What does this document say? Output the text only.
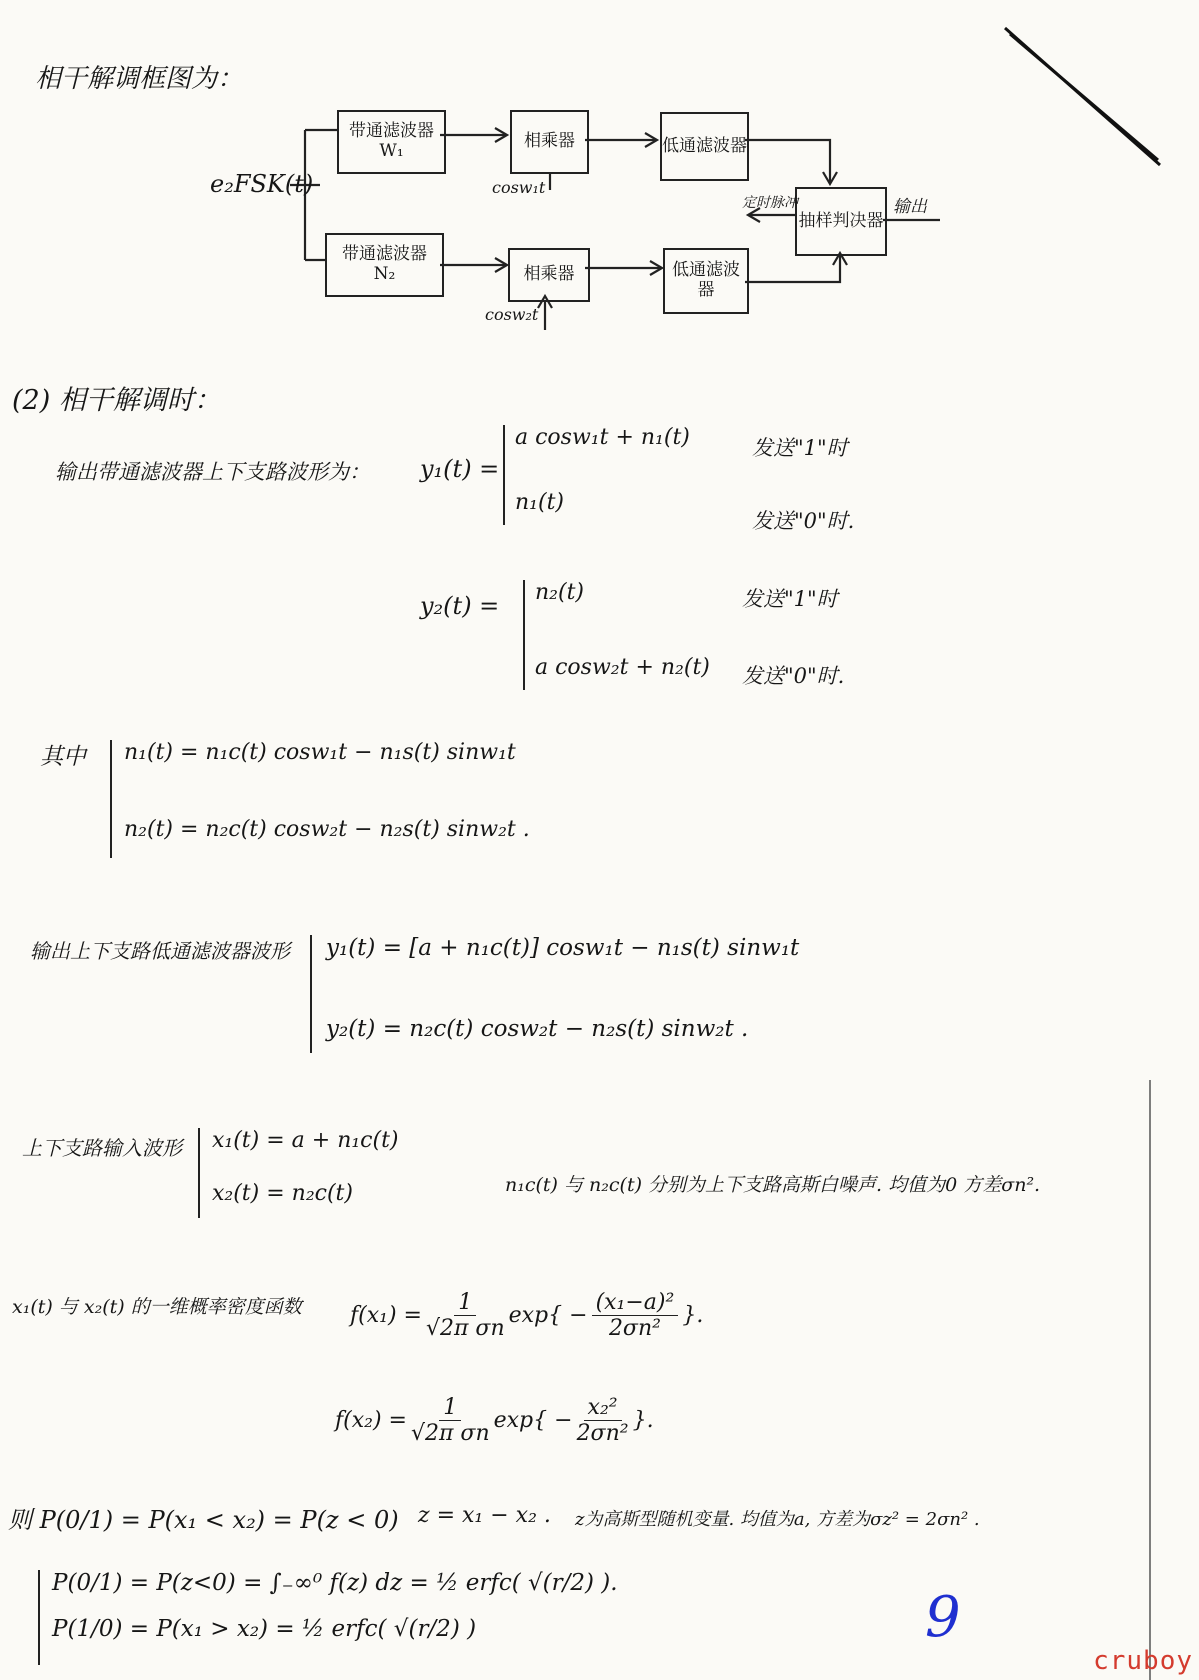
相干解调框图为：
e₂FSK(t)
带通滤波器
W₁
带通滤波器
N₂
相乘器
相乘器
cosw₁t
cosw₂t
低通滤波器
低通滤波器
抽样判决器
输出
定时脉冲
(2) 相干解调时：
输出带通滤波器上下支路波形为： y₁(t) =
a cosw₁t + n₁(t)
n₁(t)
发送"1"时
发送"0"时.
y₂(t) = n₂(t)
a cosw₂t + n₂(t)
发送"1"时
发送"0"时.
其中 n₁(t) = n₁c(t) cosw₁t − n₁s(t) sinw₁t
n₂(t) = n₂c(t) cosw₂t − n₂s(t) sinw₂t .
输出上下支路低通滤波器波形 y₁(t) = [a + n₁c(t)] cosw₁t − n₁s(t) sinw₁t
y₂(t) = n₂c(t) cosw₂t − n₂s(t) sinw₂t .
上下支路输入波形 x₁(t) = a + n₁c(t)
x₂(t) = n₂c(t)	n₁c(t) 与 n₂c(t) 分别为上下支路高斯白噪声. 均值为0 方差σn².
x₁(t) 与 x₂(t) 的一维概率密度函数 $f(x_1) = \frac{1}{\text{√2π σn}} \exp\{ - \frac{\text{(x₁−a)²}}{\text{2σn²}}$ }.
$f(x_2) = \frac{1}{\text{√2π σn}} \exp\{ - \frac{\text{x₂²}}{\text{2σn²}}$ }.
则 P(0/1) = P(x₁ < x₂) = P(z < 0) z = x₁ − x₂ . z为高斯型随机变量. 均值为a, 方差为σz² = 2σn² .
P(0/1) = P(z<0) = ∫₋∞⁰ f(z) dz = ½ erfc( √(r/2) ).
P(1/0) = P(x₁ > x₂) = ½ erfc( √(r/2) )	9
cruboy
